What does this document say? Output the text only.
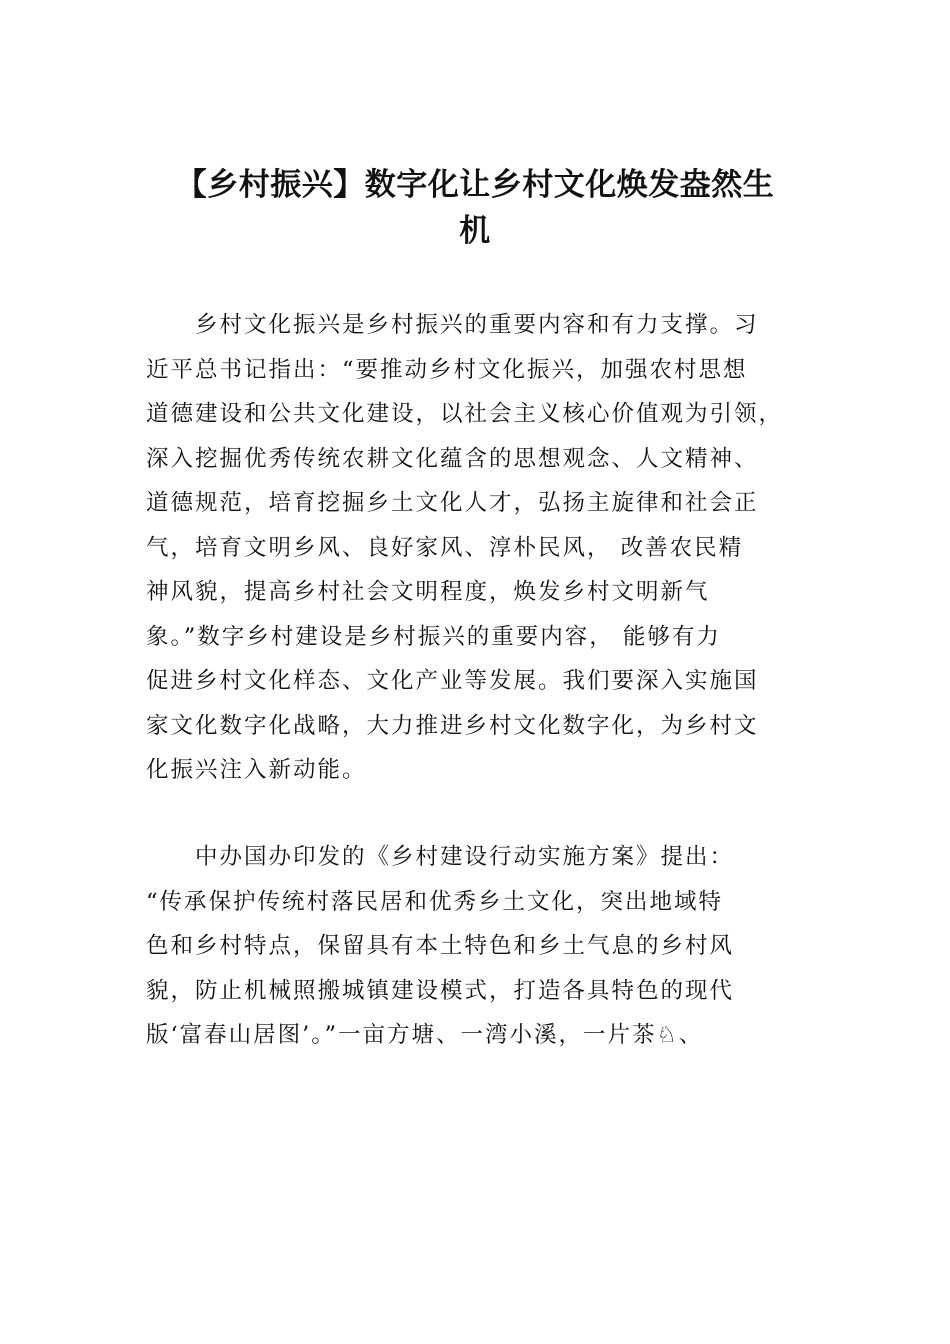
【乡村振兴】数字化让乡村文化焕发盎然生
机

　　乡村文化振兴是乡村振兴的重要内容和有力支撑。习
近平总书记指出：“要推动乡村文化振兴，加强农村思想
道德建设和公共文化建设，以社会主义核心价值观为引领，
深入挖掘优秀传统农耕文化蕴含的思想观念、人文精神、
道德规范，培育挖掘乡土文化人才，弘扬主旋律和社会正
气，培育文明乡风、良好家风、淳朴民风， 改善农民精
神风貌，提高乡村社会文明程度，焕发乡村文明新气
象。”数字乡村建设是乡村振兴的重要内容， 能够有力
促进乡村文化样态、文化产业等发展。我们要深入实施国
家文化数字化战略，大力推进乡村文化数字化，为乡村文
化振兴注入新动能。

　　中办国办印发的《乡村建设行动实施方案》提出：
“传承保护传统村落民居和优秀乡土文化，突出地域特
色和乡村特点，保留具有本土特色和乡土气息的乡村风
貌，防止机械照搬城镇建设模式，打造各具特色的现代
版‘富春山居图’。”一亩方塘、一湾小溪，一片茶♘、
